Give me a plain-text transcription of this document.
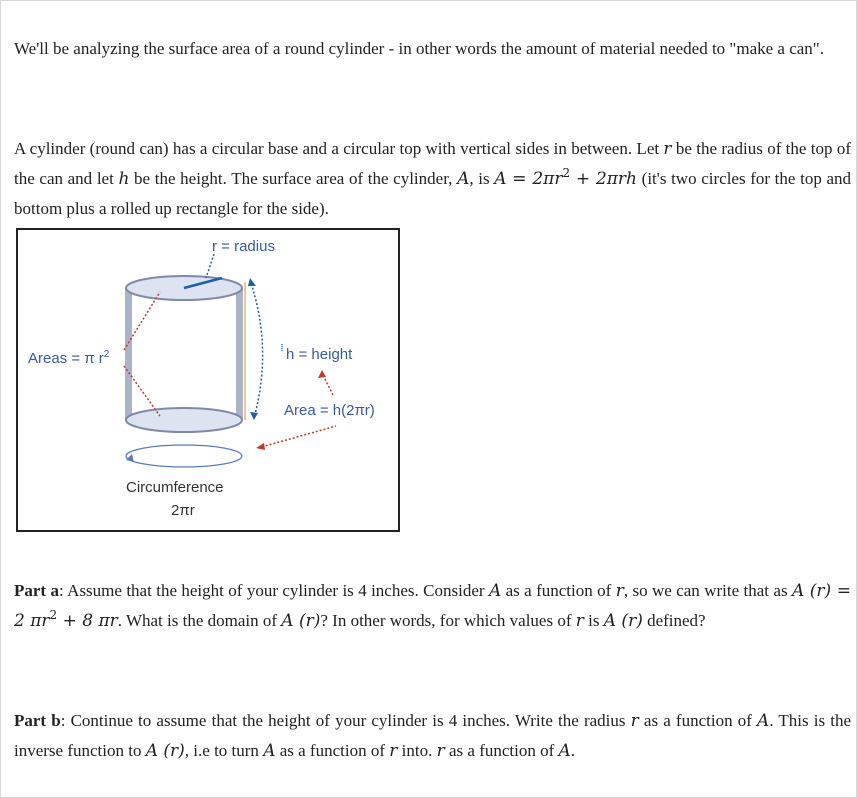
We'll be analyzing the surface area of a round cylinder - in other words the amount of material needed to "make a can".
A cylinder (round can) has a circular base and a circular top with vertical sides in between. Let r be the radius of the top of the can and let h be the height. The surface area of the cylinder, A, is $A = 2\pi r^2 + 2\pi rh$ (it's two circles for the top and bottom plus a rolled up rectangle for the side).
r = radius
Areas = π $r^2$	h = height
Area = h(2πr)
Circumference
2πr
Part a: Assume that the height of your cylinder is 4 inches. Consider A as a function of r, so we can write that as A (r) = 2 $\pi r^2 + 8$ πr. What is the domain of A (r)? In other words, for which values of r is A (r) defined?
Part b: Continue to assume that the height of your cylinder is 4 inches. Write the radius r as a function of A. This is the inverse function to A (r), i.e to turn A as a function of r into. r as a function of A.
